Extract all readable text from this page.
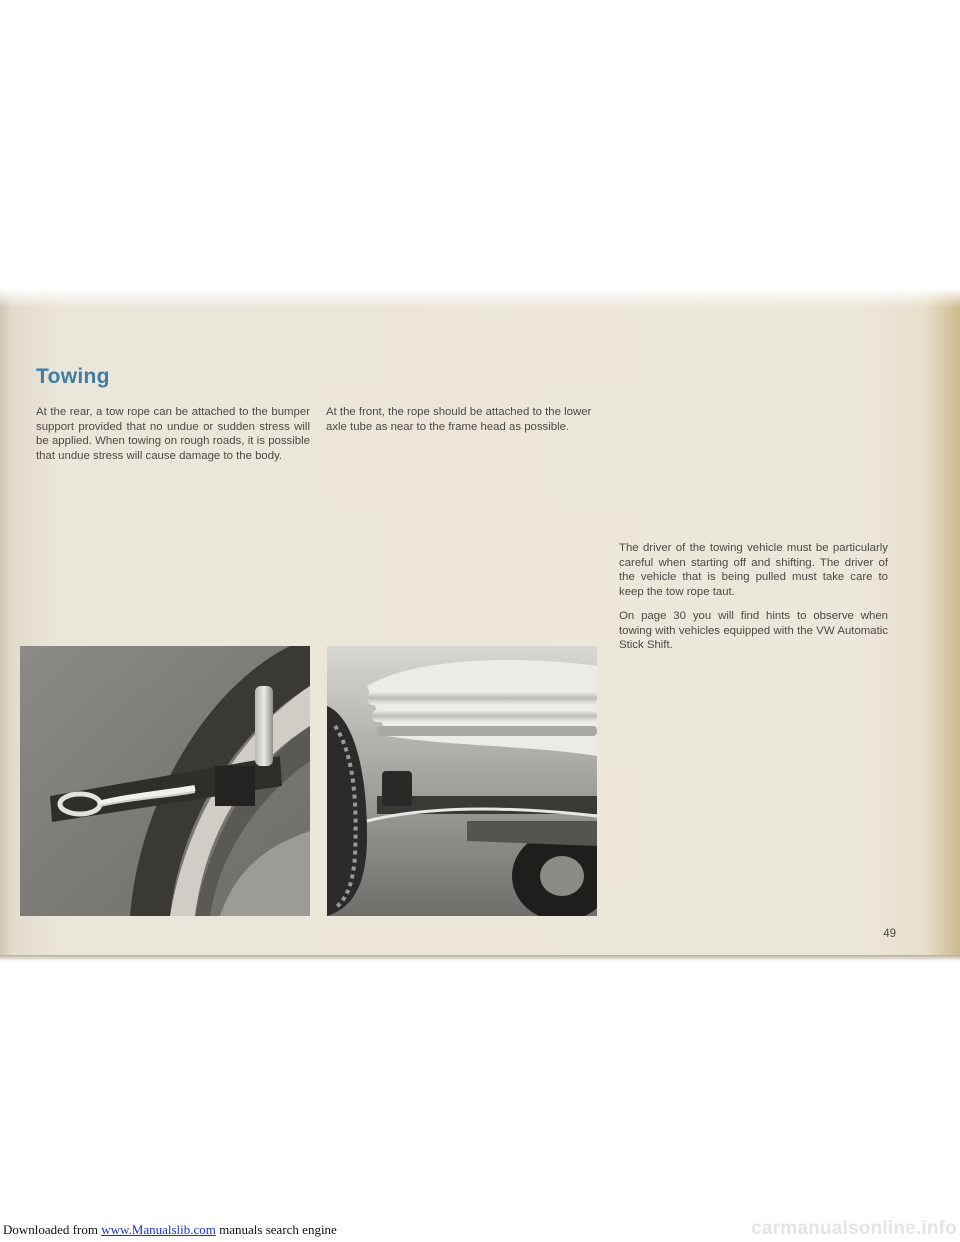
Towing

At the rear, a tow rope can be attached to the bumper support provided that no undue or sudden stress will be applied. When towing on rough roads, it is possible that undue stress will cause damage to the body.

At the front, the rope should be attached to the lower axle tube as near to the frame head as possible.

The driver of the towing vehicle must be particularly careful when starting off and shifting. The driver of the vehicle that is being pulled must take care to keep the tow rope taut.

On page 30 you will find hints to observe when towing with vehicles equipped with the VW Automatic Stick Shift.

49
Downloaded from www.Manualslib.com manuals search engine	carmanualsonline.info
